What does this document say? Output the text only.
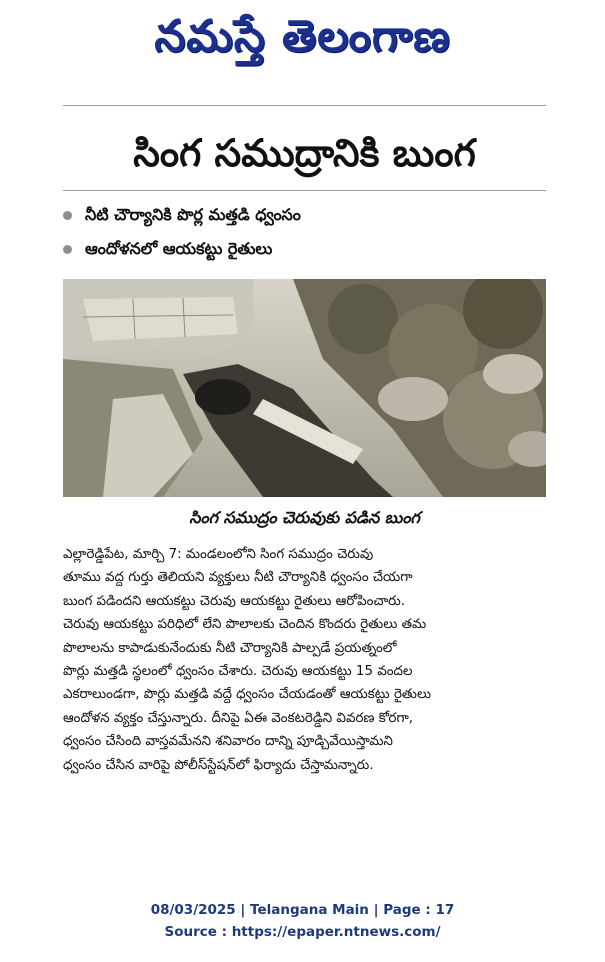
నమస్తే తెలంగాణ
సింగ సముద్రానికి బుంగ
నీటి చౌర్యానికి పొర్ల మత్తడి ధ్వంసం
ఆందోళనలో ఆయకట్టు రైతులు
సింగ సముద్రం చెరువుకు పడిన బుంగ
ఎల్లారెడ్డిపేట, మార్చి 7: మండలంలోని సింగ సముద్రం చెరువు
తూము వద్ద గుర్తు తెలియని వ్యక్తులు నీటి చౌర్యానికి ధ్వంసం చేయగా
బుంగ పడిందని ఆయకట్టు చెరువు ఆయకట్టు రైతులు ఆరోపించారు.
చెరువు ఆయకట్టు పరిధిలో లేని పొలాలకు చెందిన కొందరు రైతులు తమ
పొలాలను కాపాడుకునేందుకు నీటి చౌర్యానికి పాల్పడే ప్రయత్నంలో
పొర్లు మత్తడి స్థలంలో ధ్వంసం చేశారు. చెరువు ఆయకట్టు 15 వందల
ఎకరాలుండగా, పొర్లు మత్తడి వద్దే ధ్వంసం చేయడంతో ఆయకట్టు రైతులు
ఆందోళన వ్యక్తం చేస్తున్నారు. దీనిపై ఏఈ వెంకటరెడ్డిని వివరణ కోరగా,
ధ్వంసం చేసింది వాస్తవమేనని శనివారం దాన్ని పూడ్చివేయిస్తామని
ధ్వంసం చేసిన వారిపై పోలీస్‌స్టేషన్‌లో ఫిర్యాదు చేస్తామన్నారు.
08/03/2025 | Telangana Main | Page : 17
Source : https://epaper.ntnews.com/
